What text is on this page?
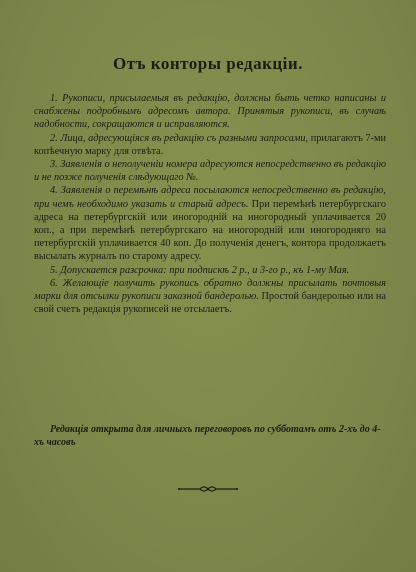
Отъ конторы редакціи.

1. Рукописи, присылаемыя въ редакцію, должны быть четко написаны и снабжены подробнымъ адресомъ автора. Принятыя рукописи, въ случаѣ надобности, сокращаются и исправляются.

2. Лица, адресующіяся въ редакцію съ разными запросами, прилагаютъ 7-ми копѣечную марку для отвѣта.

3. Заявленія о неполученіи номера адресуются непосредственно въ редакцію и не позже полученія слѣдующаго №.

4. Заявленія о перемѣнѣ адреса посылаются непосредственно въ редакцію, при чемъ необходимо указать и старый адресъ. При перемѣнѣ петербургскаго адреса на петербургскій или иногородній на иногородный уплачивается 20 коп., а при перемѣнѣ петербургскаго на иногородній или иногородняго на петербургскій уплачивается 40 коп. До полученія денегъ, контора продолжаетъ высылать журналъ по старому адресу.

5. Допускается разсрочка: при подпискѣ 2 р., и 3-го р., къ 1-му Мая.

6. Желающіе получить рукопись обратно должны присылать почтовыя марки для отсылки рукописи заказной бандеролью. Простой бандеролью или на свой счетъ редакція рукописей не отсылаетъ.

Редакція открыта для личныхъ переговоровъ по субботамъ отъ 2-хъ до 4-хъ часовъ
